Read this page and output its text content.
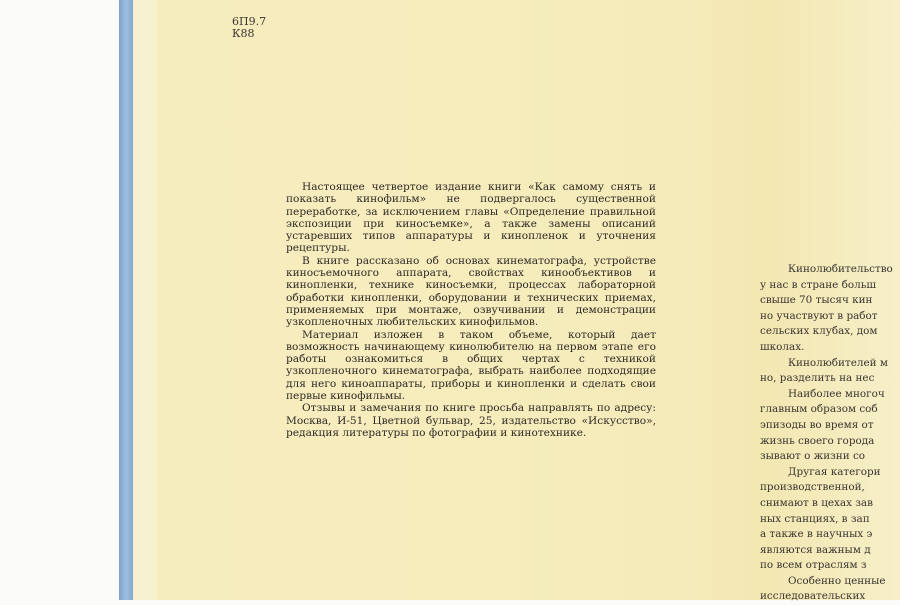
6П9.7
К88

Настоящее четвертое издание книги «Как самому снять и показать кинофильм» не подвергалось существенной переработке, за исключением главы «Определение правильной экспозиции при киносъемке», а также замены описаний устаревших типов аппаратуры и кинопленок и уточнения рецептуры.

В книге рассказано об основах кинематографа, устройстве киносъемочного аппарата, свойствах кинообъективов и кинопленки, технике киносъемки, процессах лабораторной обработки кинопленки, оборудовании и технических приемах, применяемых при монтаже, озвучивании и демонстрации узкопленочных любительских кинофильмов.

Материал изложен в таком объеме, который дает возможность начинающему кинолюбителю на первом этапе его работы ознакомиться в общих чертах с техникой узкопленочного кинематографа, выбрать наиболее подходящие для него киноаппараты, приборы и кинопленки и сделать свои первые кинофильмы.

Отзывы и замечания по книге просьба направлять по адресу: Москва, И-51, Цветной бульвар, 25, издательство «Искусство», редакция литературы по фотографии и кинотехнике.

Кинолюбительство
у нас в стране больш
свыше 70 тысяч кин
но участвуют в работ
сельских клубах, дом
школах.
Кинолюбителей м
но, разделить на нес
Наиболее многоч
главным образом соб
эпизоды во время от
жизнь своего города
зывают о жизни со
Другая категори
производственной,
снимают в цехах зав
ных станциях, в зап
а также в научных э
являются важным д
по всем отраслям з
Особенно ценные
исследовательских
